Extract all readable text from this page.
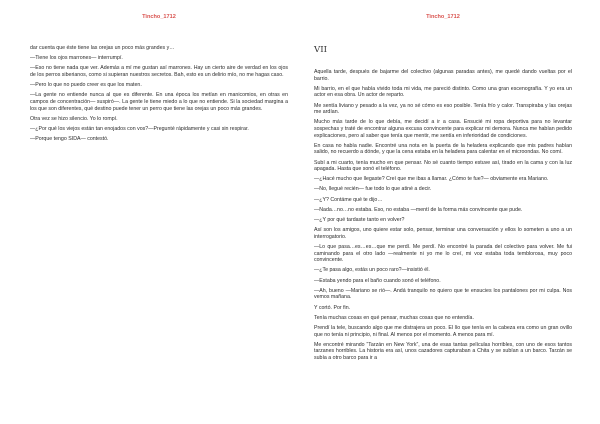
Tincho_1712

dar cuenta que éste tiene las orejas un poco más grandes y…

—Tiene los ojos marrones— interrumpí.

—Eso no tiene nada que ver. Además a mí me gustan así marrones. Hay un cierto aire de verdad en los ojos de los perros siberianos, como si supieran nuestros secretos. Bah, esto es un delirio mío, no me hagas caso.

—Pero lo que no puedo creer es que los maten.

—La gente no entiende nunca al que es diferente. En una época los metían en manicomios, en otras en campos de concentración— suspiró—. La gente le tiene miedo a lo que no entiende. Si la sociedad margina a los que son diferentes, qué destino puede tener un perro que tiene las orejas un poco más grandes.

Otra vez se hizo silencio. Yo lo rompí.

—¿Por qué los viejos están tan enojados con vos?—Pregunté rápidamente y casi sin respirar.

—Porque tengo SIDA— contestó.

Tincho_1712
VII

Aquella tarde, después de bajarme del colectivo (algunas paradas antes), me quedé dando vueltas por el barrio.

Mi barrio, en el que había vivido toda mi vida, me pareció distinto. Como una gran escenografía. Y yo era un actor en esa obra. Un actor de reparto.

Me sentía liviano y pesado a la vez, ya no sé cómo es eso posible. Tenía frío y calor. Transpiraba y las orejas me ardían.

Mucho más tarde de lo que debía, me decidí a ir a casa. Ensucié mi ropa deportiva para no levantar sospechas y traté de encontrar alguna excusa convincente para explicar mi demora. Nunca me habían pedido explicaciones, pero al saber que tenía que mentir, me sentía en inferioridad de condiciones.

En casa no había nadie. Encontré una nota en la puerta de la heladera explicando que mis padres habían salido, no recuerdo a dónde, y que la cena estaba en la heladera para calentar en el microondas. No comí.

Subí a mi cuarto, tenía mucho en que pensar. No sé cuanto tiempo estuve así, tirado en la cama y con la luz apagada. Hasta que sonó el teléfono.

—¿Hacé mucho que llegaste? Creí que me ibas a llamar. ¿Cómo te fue?— obviamente era Mariano.

—No, llegué recién— fue todo lo que atiné a decir.

—¿Y? Contáme qué te dijo…

—Nada…no…no estaba. Eso, no estaba —mentí de la forma más convincente que pude.

—¿Y por qué tardaste tanto en volver?

Así son los amigos, uno quiere estar solo, pensar, terminar una conversación y ellos lo someten a uno a un interrogatorio.

—Lo que pasa…es…es…que me perdí. Me perdí. No encontré la parada del colectivo para volver. Me fui caminando para el otro lado —realmente ni yo me lo creí, mi voz estaba toda temblorosa, muy poco convincente.

—¿Te pasa algo, estás un poco raro?—insistió él.

—Estaba yendo para el baño cuando sonó el teléfono.

—Ah, bueno —Mariano se rió—. Andá tranquilo no quiero que te ensucies los pantalones por mi culpa. Nos vemos mañana.

Y cortó. Por fin.

Tenía muchas cosas en qué pensar, muchas cosas que no entendía.

Prendí la tele, buscando algo que me distrajera un poco. El lío que tenía en la cabeza era como un gran ovillo que no tenía ni principio, ni final. Al menos por el momento. A menos para mí.

Me encontré mirando “Tarzán en New York”, una de esas tantas películas horribles, con uno de esos tantos tarzanes horribles. La historia era así, unos cazadores capturaban a Chita y se subían a un barco. Tarzán se subía a otro barco para ir a
